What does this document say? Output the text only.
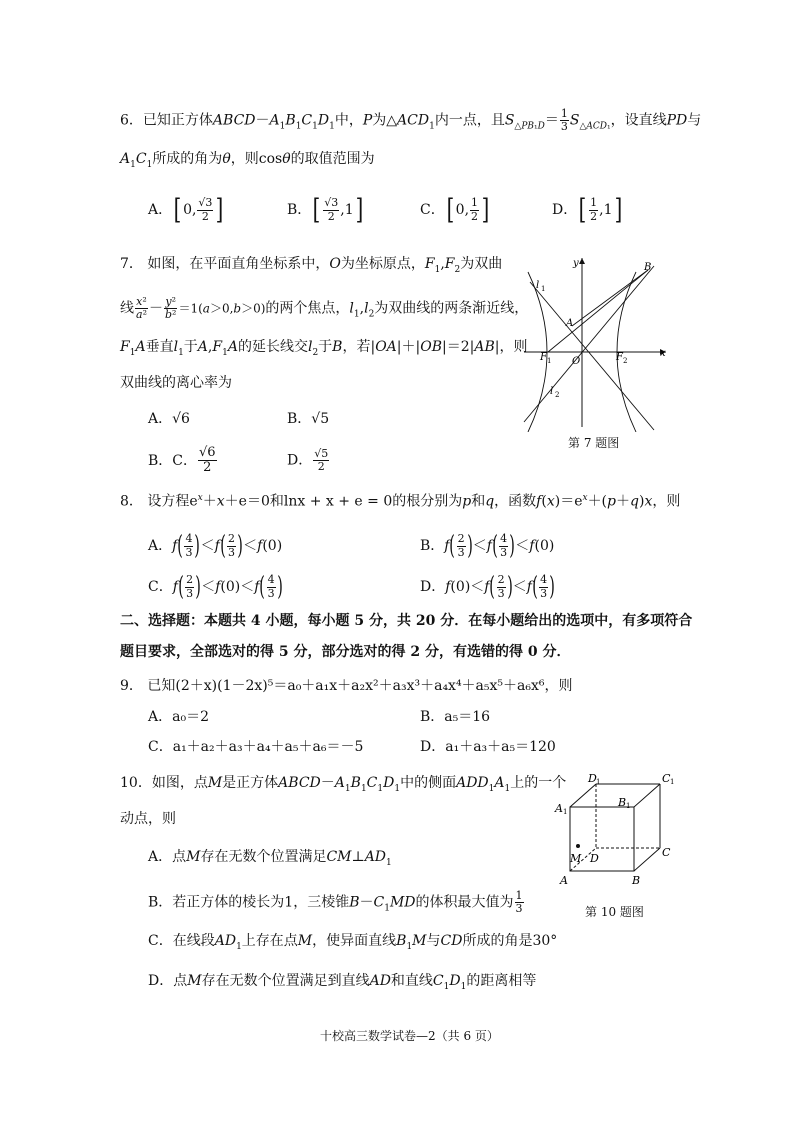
6．已知正方体$ABCD-A_1B_1C_1D_1$中，P为$\triangle ACD_1$内一点，且$S_{\triangle PB_1D}= \frac{1}{3} S_{\triangle ACD_1}$，设直线PD与
$A_1C_1$所成的角为θ，则cosθ的取值范围为
A．[ 0, $\frac{√3}{2}$ ]	B．[ $\frac{√3}{2} ,1$]	C．[ 0, $\frac{1}{2}$ ]	D．[ $\frac{1}{2} ,1$]
7． 如图，在平面直角坐标系中，O为坐标原点，$F_1,F_2$为双曲
线 $\frac{\text{x²}}{\text{a²}} - \frac{\text{y²}}{\text{b²}} =1(a>0,b>0)$的两个焦点，$l_1,l_2$为双曲线的两条渐近线，
$F_1A$垂直$l_1$于$A,F_1A$的延长线交$l_2$于B，若|OA|＋|OB|＝2|AB|，则
双曲线的离心率为
A．√6	B．√5
B．C． $\frac{√6}{2}$	D． $\frac{√5}{2}$
y
x
B
A
O
F 1	F 2
l 1
l 2
第 7 题图
8． 设方程$e^x+x+e=0$和lnx + x + e = 0的根分别为p和q，函数$f(x)=e^x+(p+q)x$，则
A．$f( \frac{4}{3} )<f( \frac{2}{3} )<f(0)$	B．$f( \frac{2}{3} )<f( \frac{4}{3} )<f(0)$
C．$f( \frac{2}{3} )<f(0)<f( \frac{4}{3}$ )	D．$f(0)<f( \frac{2}{3} )<f( \frac{4}{3}$ )
二、选择题：本题共 4 小题，每小题 5 分，共 20 分．在每小题给出的选项中，有多项符合
题目要求，全部选对的得 5 分，部分选对的得 2 分，有选错的得 0 分．
9． 已知(2＋x)(1－2x)⁵＝a₀＋a₁x＋a₂x²＋a₃x³＋a₄x⁴＋a₅x⁵＋a₆x⁶，则
A．a₀＝2	B．a₅＝16
C．a₁＋a₂＋a₃＋a₄＋a₅＋a₆＝－5	D．a₁＋a₃＋a₅＝120
10．如图，点M是正方体$ABCD-A_1B_1C_1D_1$中的侧面$ADD_1A_1$上的一个
动点，则
A．点M存在无数个位置满足$CM\perp AD_1$
B．若正方体的棱长为1，三棱锥$B-C_1MD$的体积最大值为 $\frac{1}{3}$
C．在线段$AD_1$上存在点M，使异面直线$B_1M$与CD所成的角是30°
D．点M存在无数个位置满足到直线AD和直线$C_1D_1$的距离相等
D 1	C 1
A 1
B 1
M D	C
A	B
第 10 题图
十校高三数学试卷—2（共 6 页）
